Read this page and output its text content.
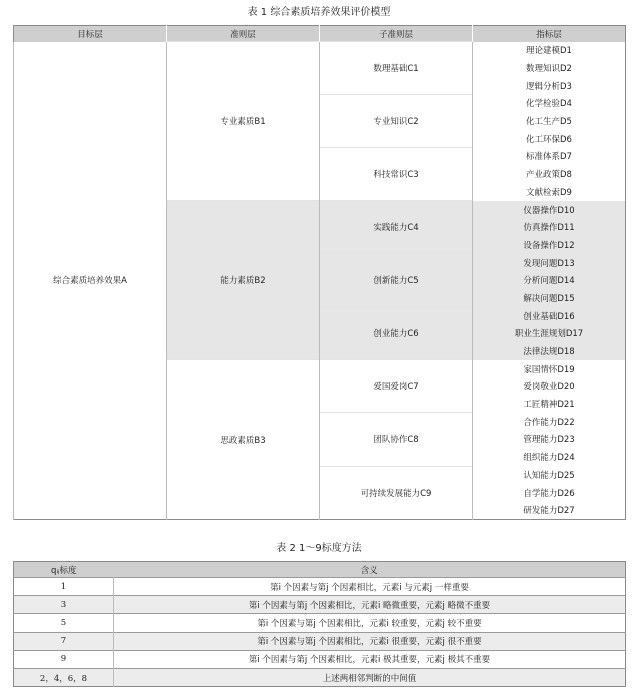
表 1 综合素质培养效果评价模型
目标层	准则层	子准则层	指标层
综合素质培养效果A	专业素质B1	数理基础C1	理论建模D1
			数理知识D2
			逻辑分析D3
		专业知识C2	化学检验D4
			化工生产D5
			化工环保D6
		科技常识C3	标准体系D7
			产业政策D8
			文献检索D9
	能力素质B2	实践能力C4	仪器操作D10
			仿真操作D11
			设备操作D12
		创新能力C5	发现问题D13
			分析问题D14
			解决问题D15
		创业能力C6	创业基础D16
			职业生涯规划D17
			法律法规D18
	思政素质B3	爱国爱岗C7	家国情怀D19
			爱岗敬业D20
			工匠精神D21
		团队协作C8	合作能力D22
			管理能力D23
			组织能力D24
		可持续发展能力C9	认知能力D25
			自学能力D26
			研发能力D27
表 2 1～9标度方法
qᵢⱼ标度	含义
1	第i 个因素与第j 个因素相比，元素i 与元素j 一样重要
3	第i 个因素与第j 个因素相比，元素i 略微重要，元素j 略微不重要
5	第i 个因素与第j 个因素相比，元素i 较重要，元素j 较不重要
7	第i 个因素与第j 个因素相比，元素i 很重要，元素j 很不重要
9	第i 个因素与第j 个因素相比，元素i 极其重要，元素j 极其不重要
2，4，6，8	上述两相邻判断的中间值
